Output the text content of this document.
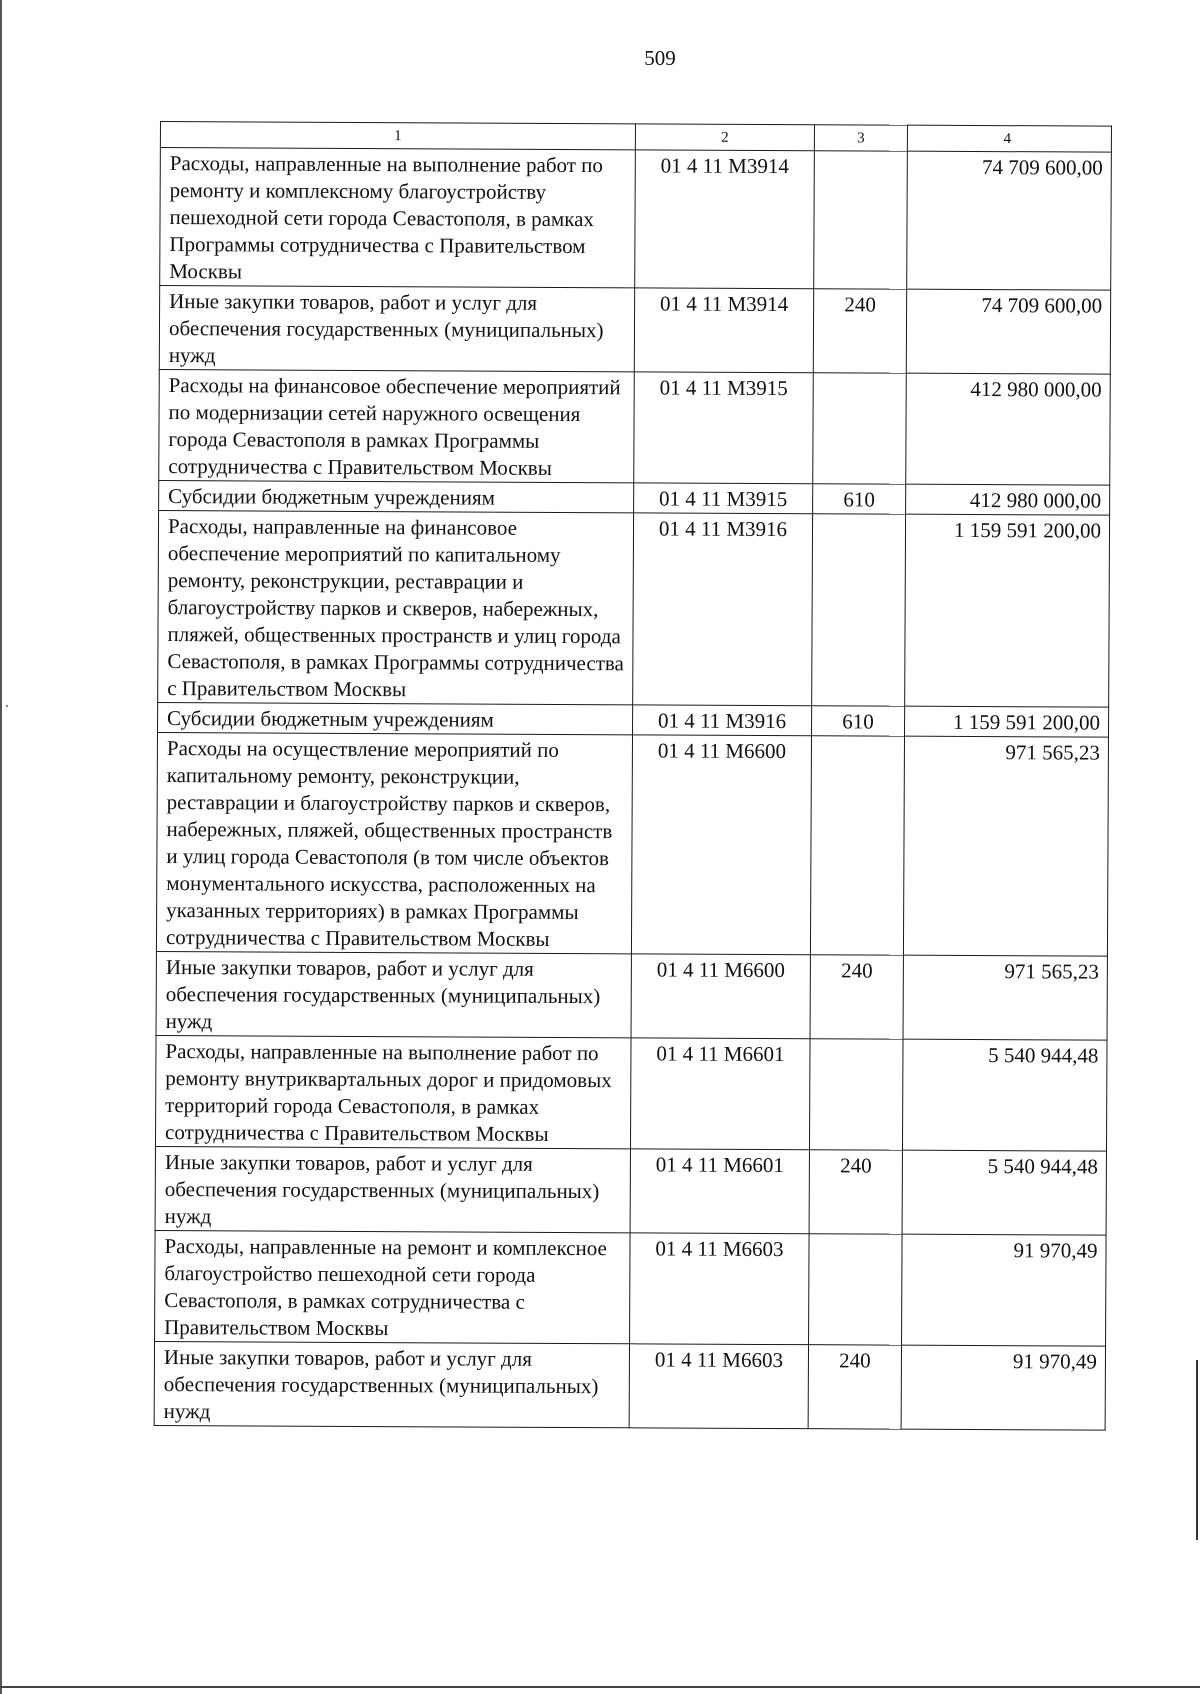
509
1	2	3	4
Расходы, направленные на выполнение работ по ремонту и комплексному благоустройству пешеходной сети города Севастополя, в рамках Программы сотрудничества с Правительством Москвы	01 4 11 М3914		74 709 600,00
Иные закупки товаров, работ и услуг для обеспечения государственных (муниципальных) нужд	01 4 11 М3914	240	74 709 600,00
Расходы на финансовое обеспечение мероприятий по модернизации сетей наружного освещения города Севастополя в рамках Программы сотрудничества с Правительством Москвы	01 4 11 М3915		412 980 000,00
Субсидии бюджетным учреждениям	01 4 11 М3915	610	412 980 000,00
Расходы, направленные на финансовое обеспечение мероприятий по капитальному ремонту, реконструкции, реставрации и благоустройству парков и скверов, набережных, пляжей, общественных пространств и улиц города Севастополя, в рамках Программы сотрудничества с Правительством Москвы	01 4 11 М3916		1 159 591 200,00
Субсидии бюджетным учреждениям	01 4 11 М3916	610	1 159 591 200,00
Расходы на осуществление мероприятий по капитальному ремонту, реконструкции, реставрации и благоустройству парков и скверов, набережных, пляжей, общественных пространств и улиц города Севастополя (в том числе объектов монументального искусства, расположенных на указанных территориях) в рамках Программы сотрудничества с Правительством Москвы	01 4 11 М6600		971 565,23
Иные закупки товаров, работ и услуг для обеспечения государственных (муниципальных) нужд	01 4 11 М6600	240	971 565,23
Расходы, направленные на выполнение работ по ремонту внутриквартальных дорог и придомовых территорий города Севастополя, в рамках сотрудничества с Правительством Москвы	01 4 11 М6601		5 540 944,48
Иные закупки товаров, работ и услуг для обеспечения государственных (муниципальных) нужд	01 4 11 М6601	240	5 540 944,48
Расходы, направленные на ремонт и комплексное благоустройство пешеходной сети города Севастополя, в рамках сотрудничества с Правительством Москвы	01 4 11 М6603		91 970,49
Иные закупки товаров, работ и услуг для обеспечения государственных (муниципальных) нужд	01 4 11 М6603	240	91 970,49
